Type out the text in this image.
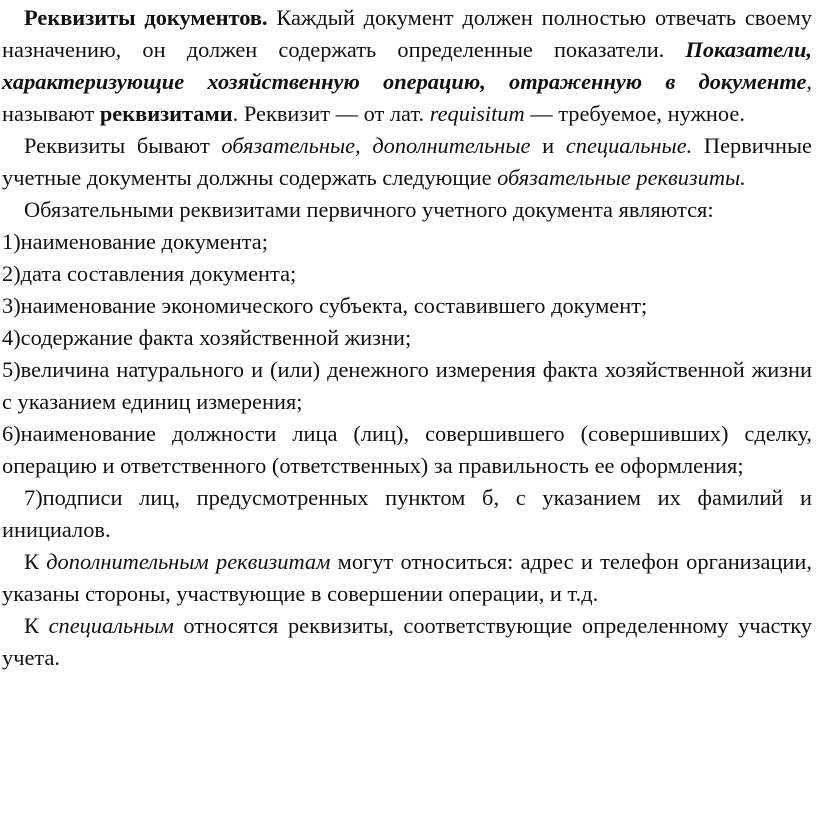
Реквизиты документов. Каждый документ должен полностью отвечать своему назначению, он должен содержать определенные показатели. Показатели, характеризующие хозяйственную операцию, отраженную в документе, называют реквизитами. Реквизит — от лат. requisitum — требуемое, нужное.

Реквизиты бывают обязательные, дополнительные и специальные. Первичные учетные документы должны содержать следующие обязательные реквизиты.

Обязательными реквизитами первичного учетного документа являются:

1)наименование документа;

2)дата составления документа;

3)наименование экономического субъекта, составившего документ;

4)содержание факта хозяйственной жизни;

5)величина натурального и (или) денежного измерения факта хозяйственной жизни с указанием единиц измерения;

6)наименование должности лица (лиц), совершившего (совершивших) сделку, операцию и ответственного (ответственных) за правильность ее оформления;

7)подписи лиц, предусмотренных пунктом б, с указанием их фамилий и инициалов.

К дополнительным реквизитам могут относиться: адрес и телефон организации, указаны стороны, участвующие в совершении операции, и т.д.

К специальным относятся реквизиты, соответствующие определенному участку учета.
